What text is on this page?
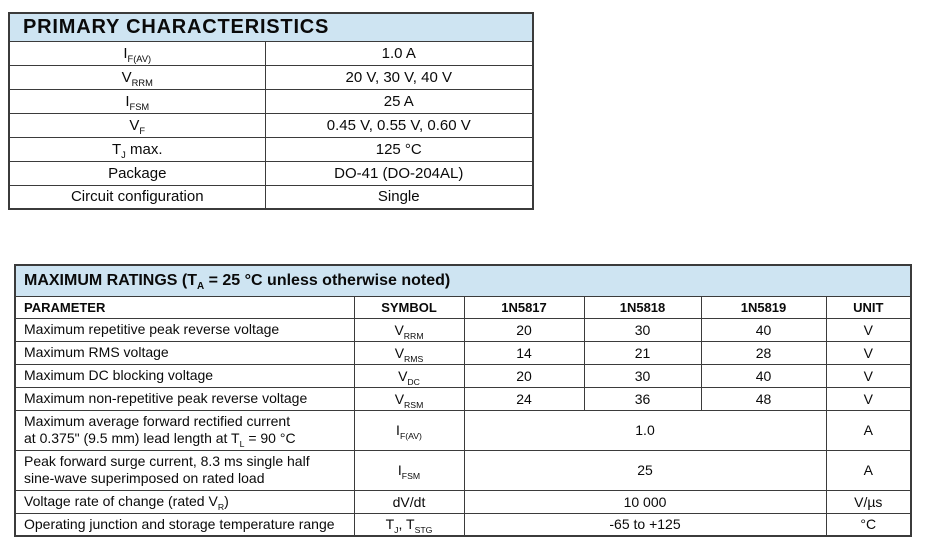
PRIMARY CHARACTERISTICS	
$I_{F(AV)}$	1.0 A
$V_{RRM}$	20 V, 30 V, 40 V
$I_{FSM}$	25 A
$V_F$	0.45 V, 0.55 V, 0.60 V
$T_J$ max.	125 °C
Package	DO-41 (DO-204AL)
Circuit configuration	Single
MAXIMUM RATINGS ($T_A = 25$ °C unless otherwise noted)					
PARAMETER	SYMBOL	1N5817	1N5818	1N5819	UNIT
Maximum repetitive peak reverse voltage	$V_{RRM}$	20	30	40	V
Maximum RMS voltage	$V_{RMS}$	14	21	28	V
Maximum DC blocking voltage	$V_{DC}$	20	30	40	V
Maximum non-repetitive peak reverse voltage	$V_{RSM}$	24	36	48	V
Maximum average forward rectified current
at 0.375" (9.5 mm) lead length at $T_L = 90$ °C	$I_{F(AV)}$	1.0			A
Peak forward surge current, 8.3 ms single half
sine-wave superimposed on rated load	$I_{FSM}$	25			A
Voltage rate of change (rated $V_R$)	dV/dt	10 000			V/µs
Operating junction and storage temperature range	$T_J$, $T_{STG}$	-65 to +125			°C
